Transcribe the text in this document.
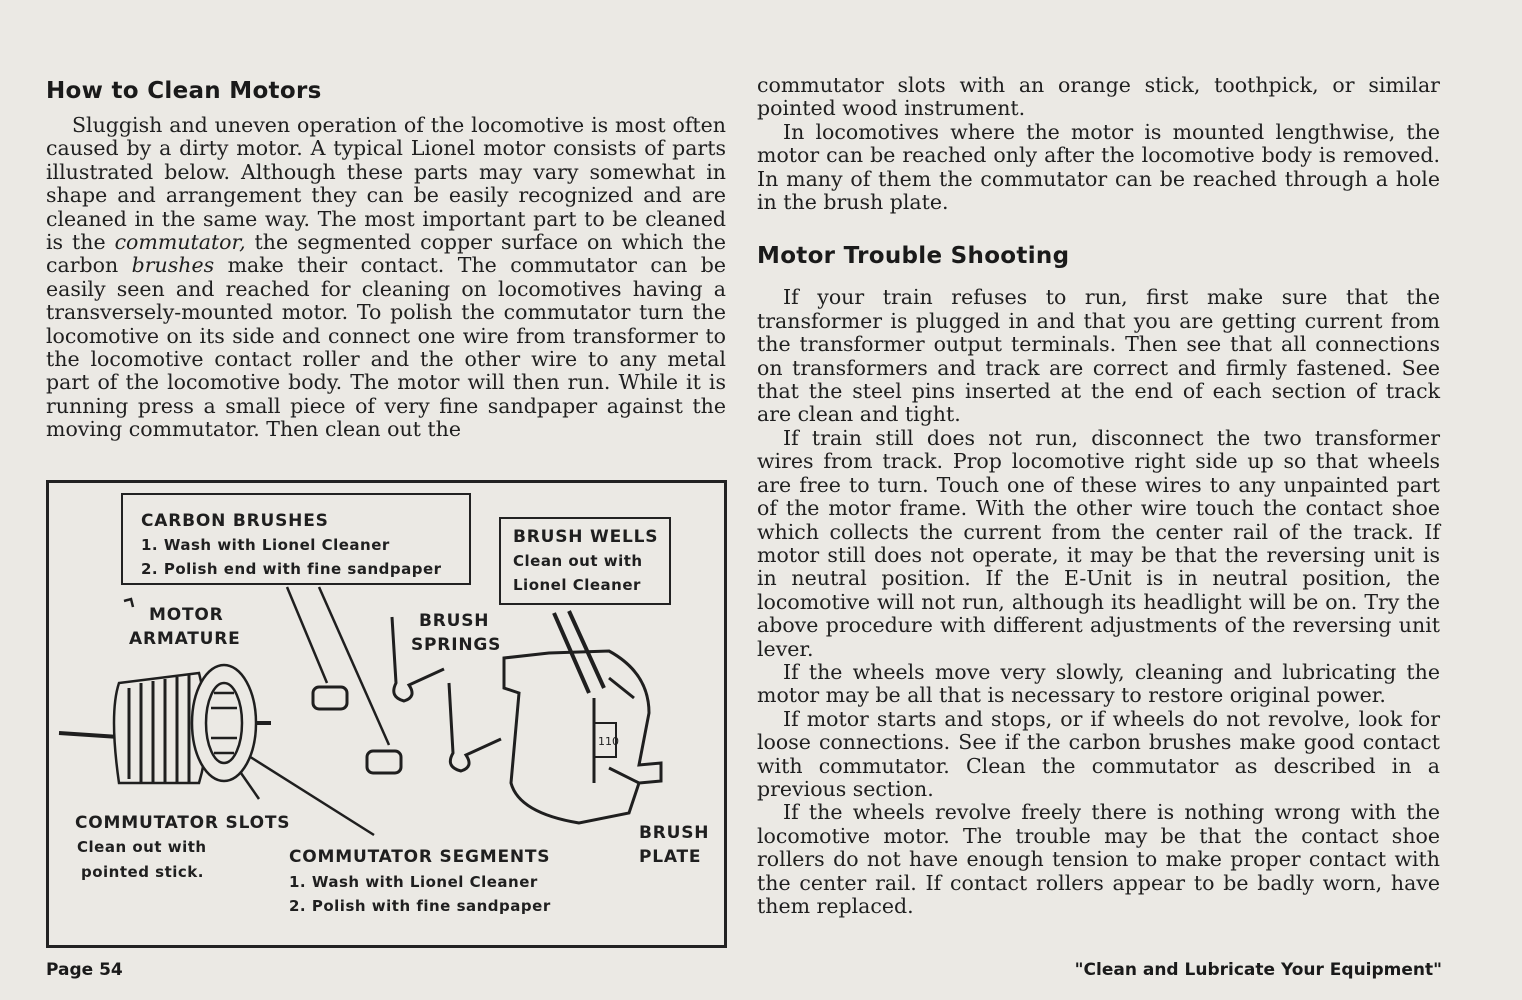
How to Clean Motors

Sluggish and uneven operation of the locomotive is most often caused by a dirty motor. A typical Lionel motor consists of parts illustrated below. Although these parts may vary somewhat in shape and arrangement they can be easily recognized and are cleaned in the same way. The most important part to be cleaned is the commutator, the segmented copper surface on which the carbon brushes make their contact. The commutator can be easily seen and reached for cleaning on locomotives having a transversely-mounted motor. To polish the commutator turn the locomotive on its side and connect one wire from transformer to the locomotive contact roller and the other wire to any metal part of the locomotive body. The motor will then run. While it is running press a small piece of very fine sandpaper against the moving commutator. Then clean out the

110
CARBON BRUSHES
1. Wash with Lionel Cleaner
2. Polish end with fine sandpaper
BRUSH WELLS
Clean out with
Lionel Cleaner
MOTOR
ARMATURE
BRUSH
SPRINGS
COMMUTATOR SLOTS
Clean out with
pointed stick.
COMMUTATOR SEGMENTS
1. Wash with Lionel Cleaner
2. Polish with fine sandpaper
BRUSH
PLATE

commutator slots with an orange stick, toothpick, or similar pointed wood instrument.

In locomotives where the motor is mounted lengthwise, the motor can be reached only after the locomotive body is removed. In many of them the commutator can be reached through a hole in the brush plate.

Motor Trouble Shooting

If your train refuses to run, first make sure that the transformer is plugged in and that you are getting current from the transformer output terminals. Then see that all connections on transformers and track are correct and firmly fastened. See that the steel pins inserted at the end of each section of track are clean and tight.

If train still does not run, disconnect the two transformer wires from track. Prop locomotive right side up so that wheels are free to turn. Touch one of these wires to any unpainted part of the motor frame. With the other wire touch the contact shoe which collects the current from the center rail of the track. If motor still does not operate, it may be that the reversing unit is in neutral position. If the E-Unit is in neutral position, the locomotive will not run, although its headlight will be on. Try the above procedure with different adjustments of the reversing unit lever.

If the wheels move very slowly, cleaning and lubricating the motor may be all that is necessary to restore original power.

If motor starts and stops, or if wheels do not revolve, look for loose connections. See if the carbon brushes make good contact with commutator. Clean the commutator as described in a previous section.

If the wheels revolve freely there is nothing wrong with the locomotive motor. The trouble may be that the contact shoe rollers do not have enough tension to make proper contact with the center rail. If contact rollers appear to be badly worn, have them replaced.

Page 54	"Clean and Lubricate Your Equipment"
